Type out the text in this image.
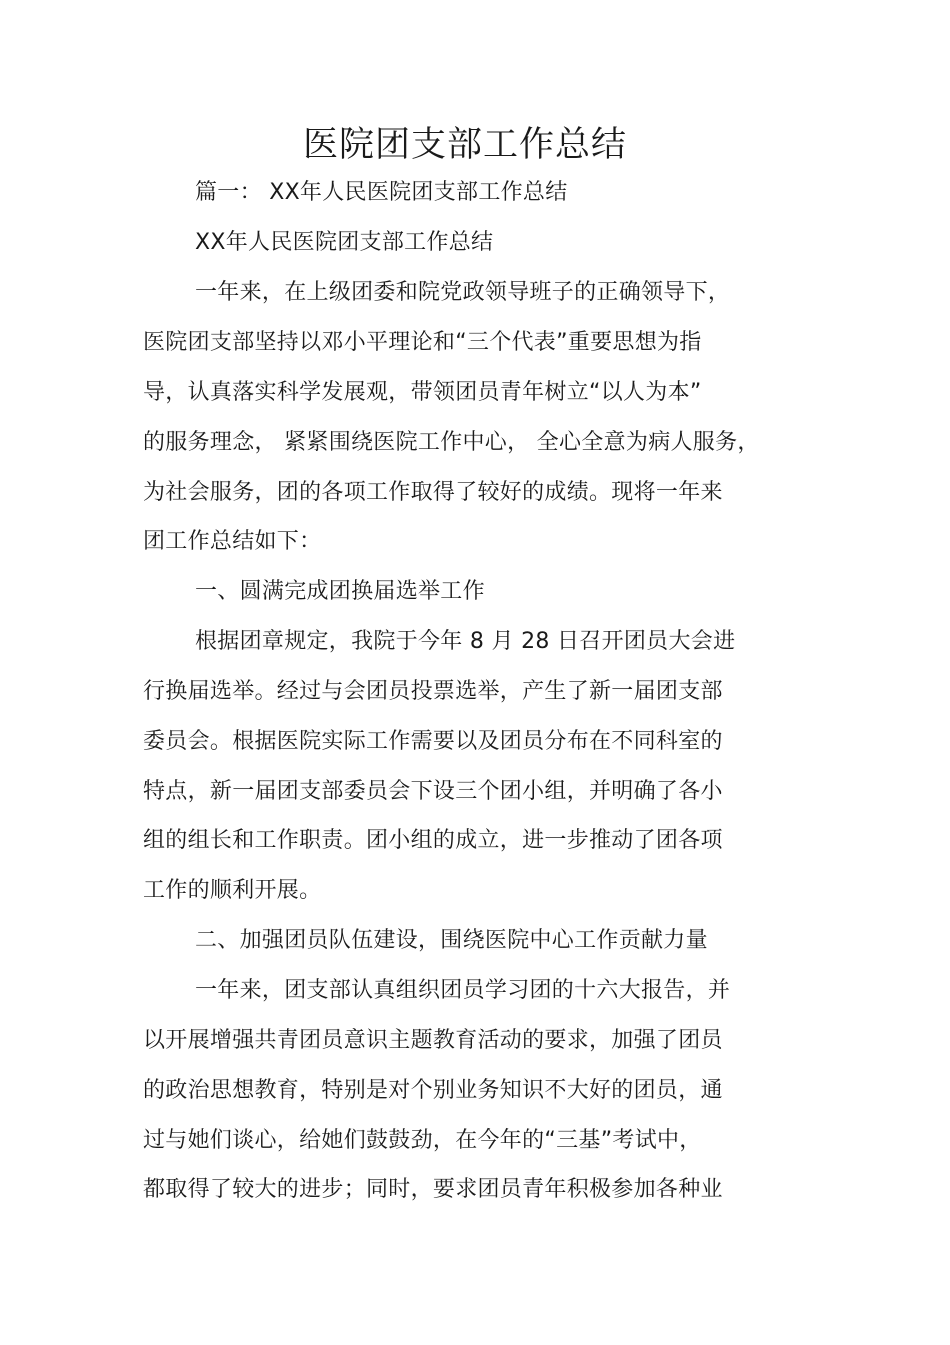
医院团支部工作总结
篇一： XX年人民医院团支部工作总结
XX年人民医院团支部工作总结
一年来，在上级团委和院党政领导班子的正确领导下，
医院团支部坚持以邓小平理论和“三个代表”重要思想为指
导，认真落实科学发展观，带领团员青年树立“以人为本”
的服务理念， 紧紧围绕医院工作中心， 全心全意为病人服务，
为社会服务，团的各项工作取得了较好的成绩。现将一年来
团工作总结如下：
一、圆满完成团换届选举工作
根据团章规定，我院于今年 8 月 28 日召开团员大会进
行换届选举。经过与会团员投票选举，产生了新一届团支部
委员会。根据医院实际工作需要以及团员分布在不同科室的
特点，新一届团支部委员会下设三个团小组，并明确了各小
组的组长和工作职责。团小组的成立，进一步推动了团各项
工作的顺利开展。
二、加强团员队伍建设，围绕医院中心工作贡献力量
一年来，团支部认真组织团员学习团的十六大报告，并
以开展增强共青团员意识主题教育活动的要求，加强了团员
的政治思想教育，特别是对个别业务知识不大好的团员，通
过与她们谈心，给她们鼓鼓劲，在今年的“三基”考试中，
都取得了较大的进步；同时，要求团员青年积极参加各种业
